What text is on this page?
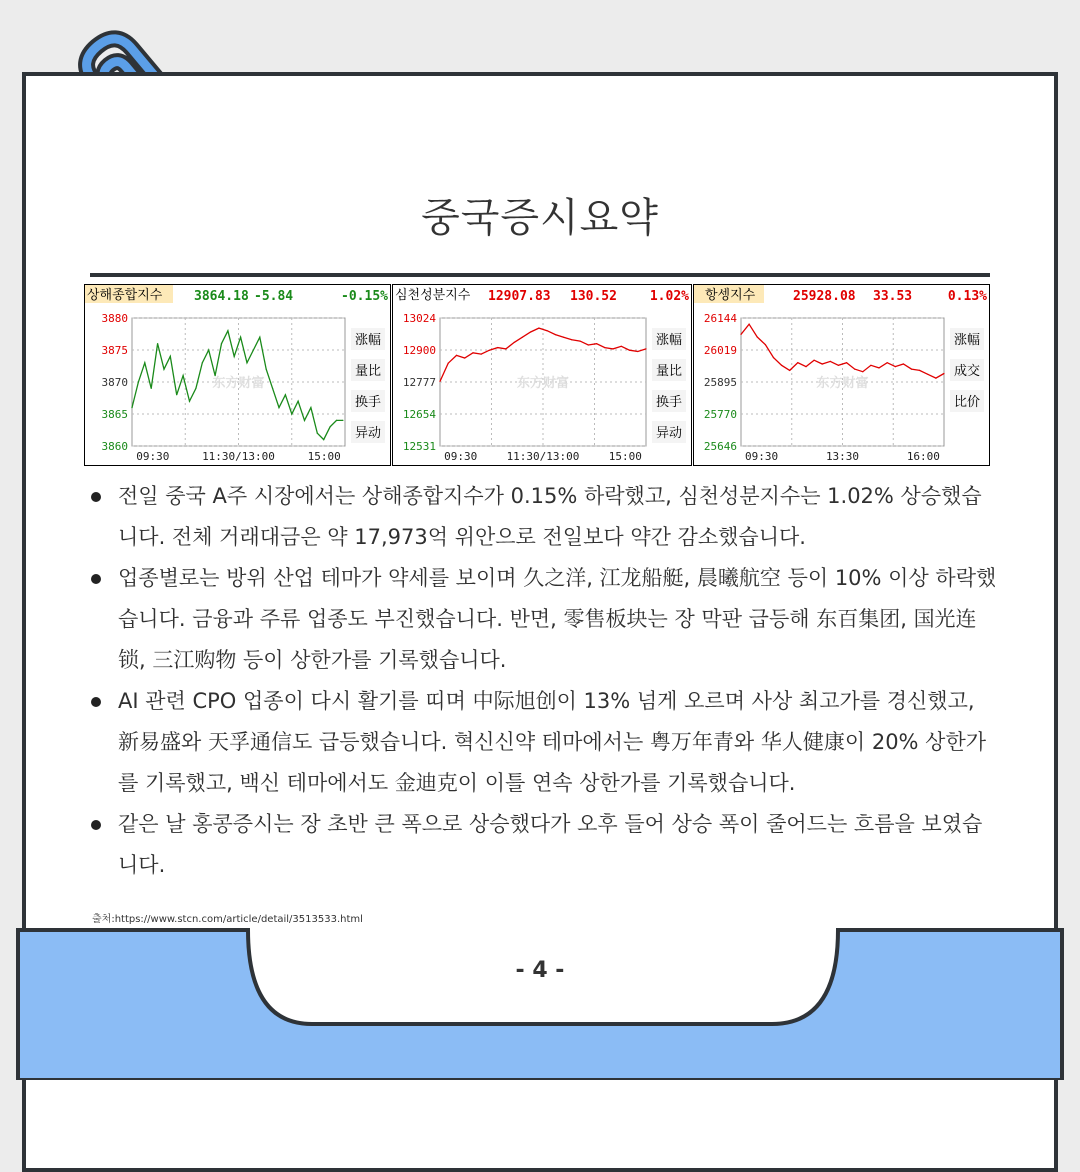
중국증시요약
상해종합지수 3864.18 -5.84	-0.15%
3880
3875
3870
3865
3860
09:30	11:30/13:00	15:00
东方财富
涨幅
量比
换手
异动
심천성분지수 12907.83 130.52	1.02%
13024
12900
12777
12654
12531
09:30	11:30/13:00	15:00
东方财富
涨幅
量比
换手
异动
항셍지수	25928.08 33.53	0.13%
26144
26019
25895
25770
25646
09:30	13:30	16:00
东方财富
涨幅
成交
比价
전일 중국 A주 시장에서는 상해종합지수가 0.15% 하락했고, 심천성분지수는 1.02% 상승했습니다. 전체 거래대금은 약 17,973억 위안으로 전일보다 약간 감소했습니다.
업종별로는 방위 산업 테마가 약세를 보이며 久之洋, 江龙船艇, 晨曦航空 등이 10% 이상 하락했습니다. 금융과 주류 업종도 부진했습니다. 반면, 零售板块는 장 막판 급등해 东百集团, 国光连锁, 三江购物 등이 상한가를 기록했습니다.
AI 관련 CPO 업종이 다시 활기를 띠며 中际旭创이 13% 넘게 오르며 사상 최고가를 경신했고, 新易盛와 天孚通信도 급등했습니다. 혁신신약 테마에서는 粤万年青와 华人健康이 20% 상한가를 기록했고, 백신 테마에서도 金迪克이 이틀 연속 상한가를 기록했습니다.
같은 날 홍콩증시는 장 초반 큰 폭으로 상승했다가 오후 들어 상승 폭이 줄어드는 흐름을 보였습니다.
출처:https://www.stcn.com/article/detail/3513533.html
- 4 -
